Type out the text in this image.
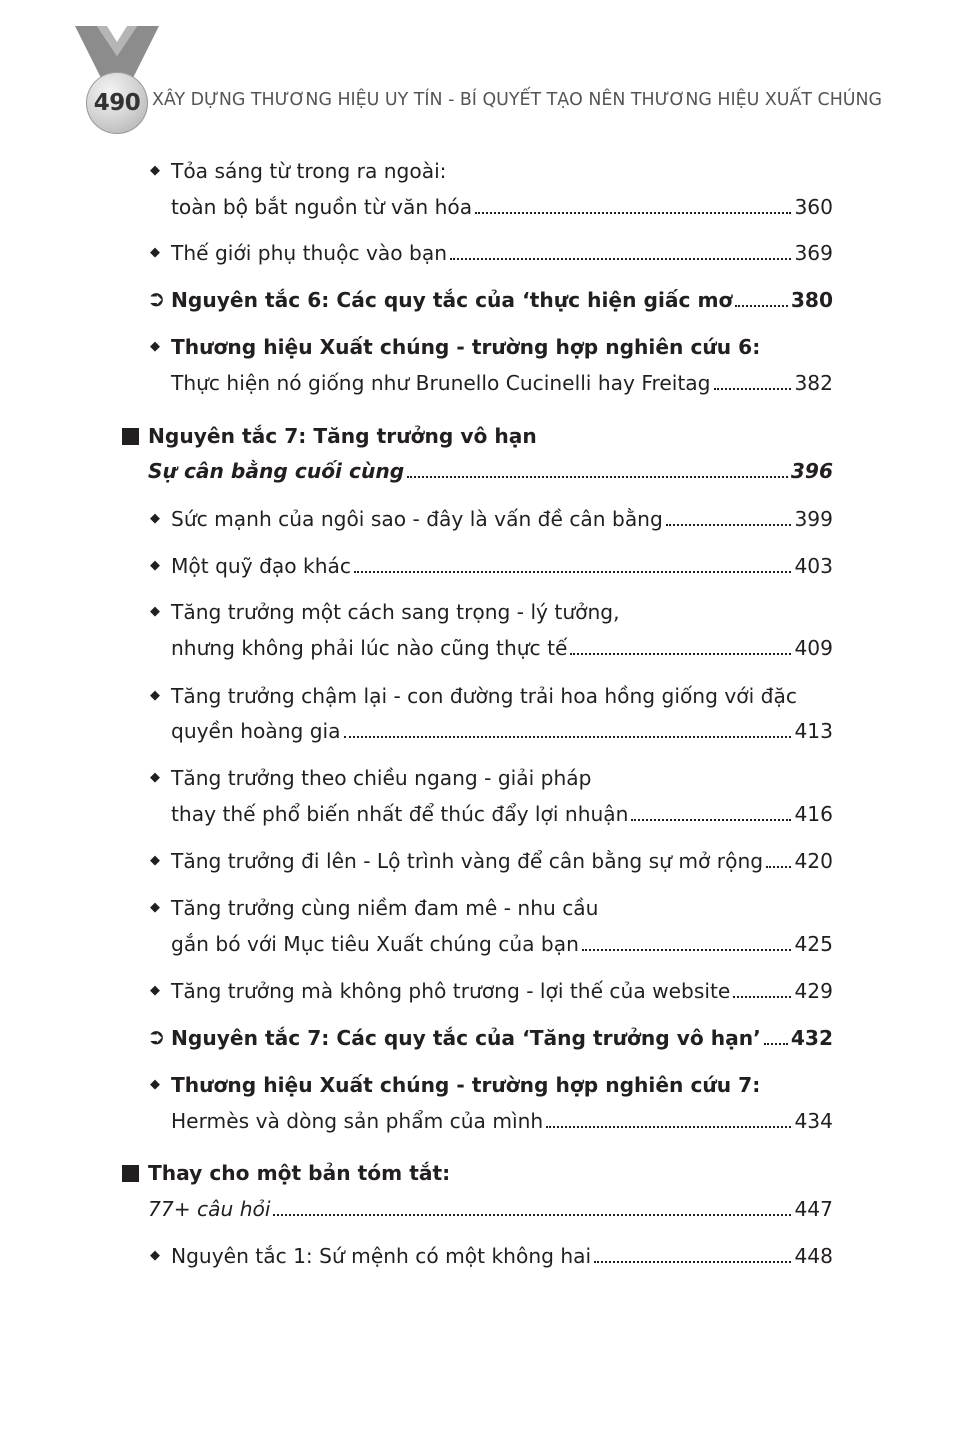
490 XÂY DỰNG THƯƠNG HIỆU UY TÍN - BÍ QUYẾT TẠO NÊN THƯƠNG HIỆU XUẤT CHÚNG
◆ Tỏa sáng từ trong ra ngoài:
toàn bộ bắt nguồn từ văn hóa	360
◆ Thế giới phụ thuộc vào bạn	369
➲ Nguyên tắc 6: Các quy tắc của ‘thực hiện giấc mơ	380
◆ Thương hiệu Xuất chúng - trường hợp nghiên cứu 6:
Thực hiện nó giống như Brunello Cucinelli hay Freitag	382
Nguyên tắc 7: Tăng trưởng vô hạn
Sự cân bằng cuối cùng	396
◆ Sức mạnh của ngôi sao - đây là vấn đề cân bằng	399
◆ Một quỹ đạo khác	403
◆ Tăng trưởng một cách sang trọng - lý tưởng,
nhưng không phải lúc nào cũng thực tế	409
◆ Tăng trưởng chậm lại - con đường trải hoa hồng giống với đặc
quyền hoàng gia	413
◆ Tăng trưởng theo chiều ngang - giải pháp
thay thế phổ biến nhất để thúc đẩy lợi nhuận	416
◆ Tăng trưởng đi lên - Lộ trình vàng để cân bằng sự mở rộng 420
◆ Tăng trưởng cùng niềm đam mê - nhu cầu
gắn bó với Mục tiêu Xuất chúng của bạn	425
◆ Tăng trưởng mà không phô trương - lợi thế của website	429
➲ Nguyên tắc 7: Các quy tắc của ‘Tăng trưởng vô hạn’ 432
◆ Thương hiệu Xuất chúng - trường hợp nghiên cứu 7:
Hermès và dòng sản phẩm của mình	434
Thay cho một bản tóm tắt:
77+ câu hỏi	447
◆ Nguyên tắc 1: Sứ mệnh có một không hai	448
